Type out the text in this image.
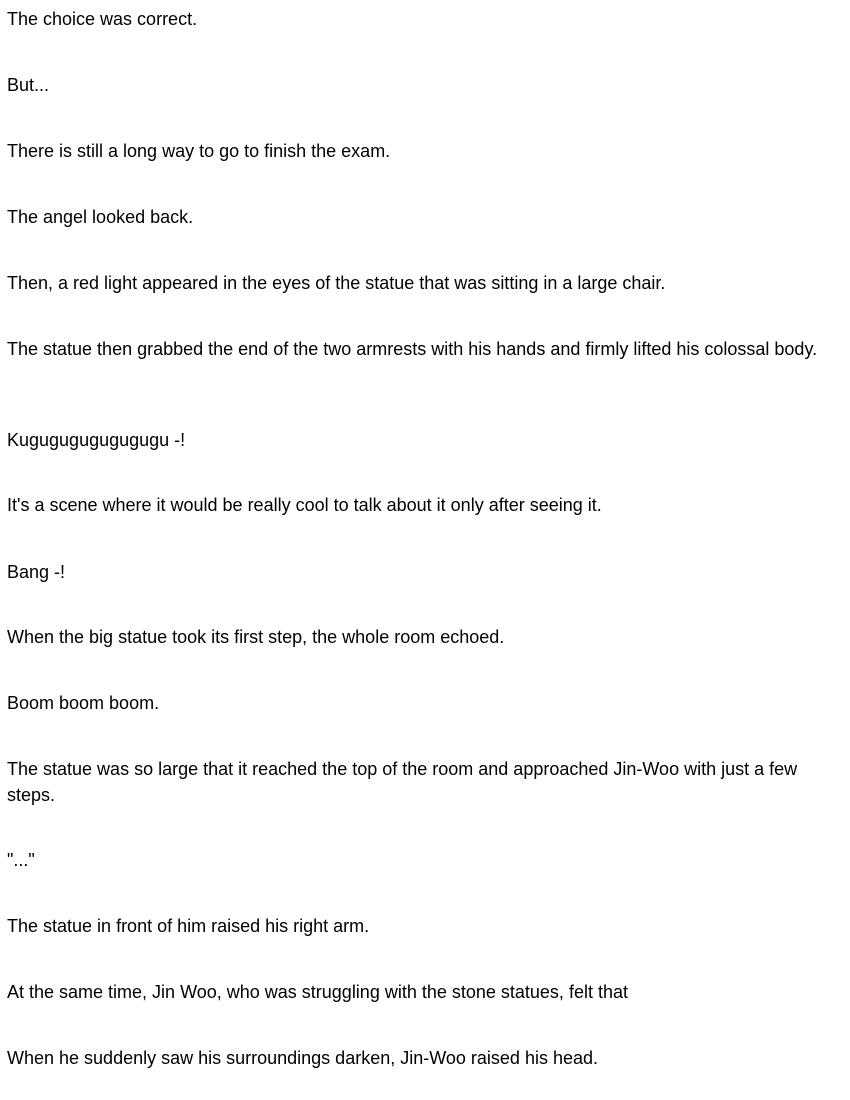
The choice was correct.

But...

There is still a long way to go to finish the exam.

The angel looked back.

Then, a red light appeared in the eyes of the statue that was sitting in a large chair.

The statue then grabbed the end of the two armrests with his hands and firmly lifted his colossal body.

Kugugugugugugugu -!

It's a scene where it would be really cool to talk about it only after seeing it.

Bang -!

When the big statue took its first step, the whole room echoed.

Boom boom boom.

The statue was so large that it reached the top of the room and approached Jin-Woo with just a few steps.

"..."

The statue in front of him raised his right arm.

At the same time, Jin Woo, who was struggling with the stone statues, felt that

When he suddenly saw his surroundings darken, Jin-Woo raised his head.
